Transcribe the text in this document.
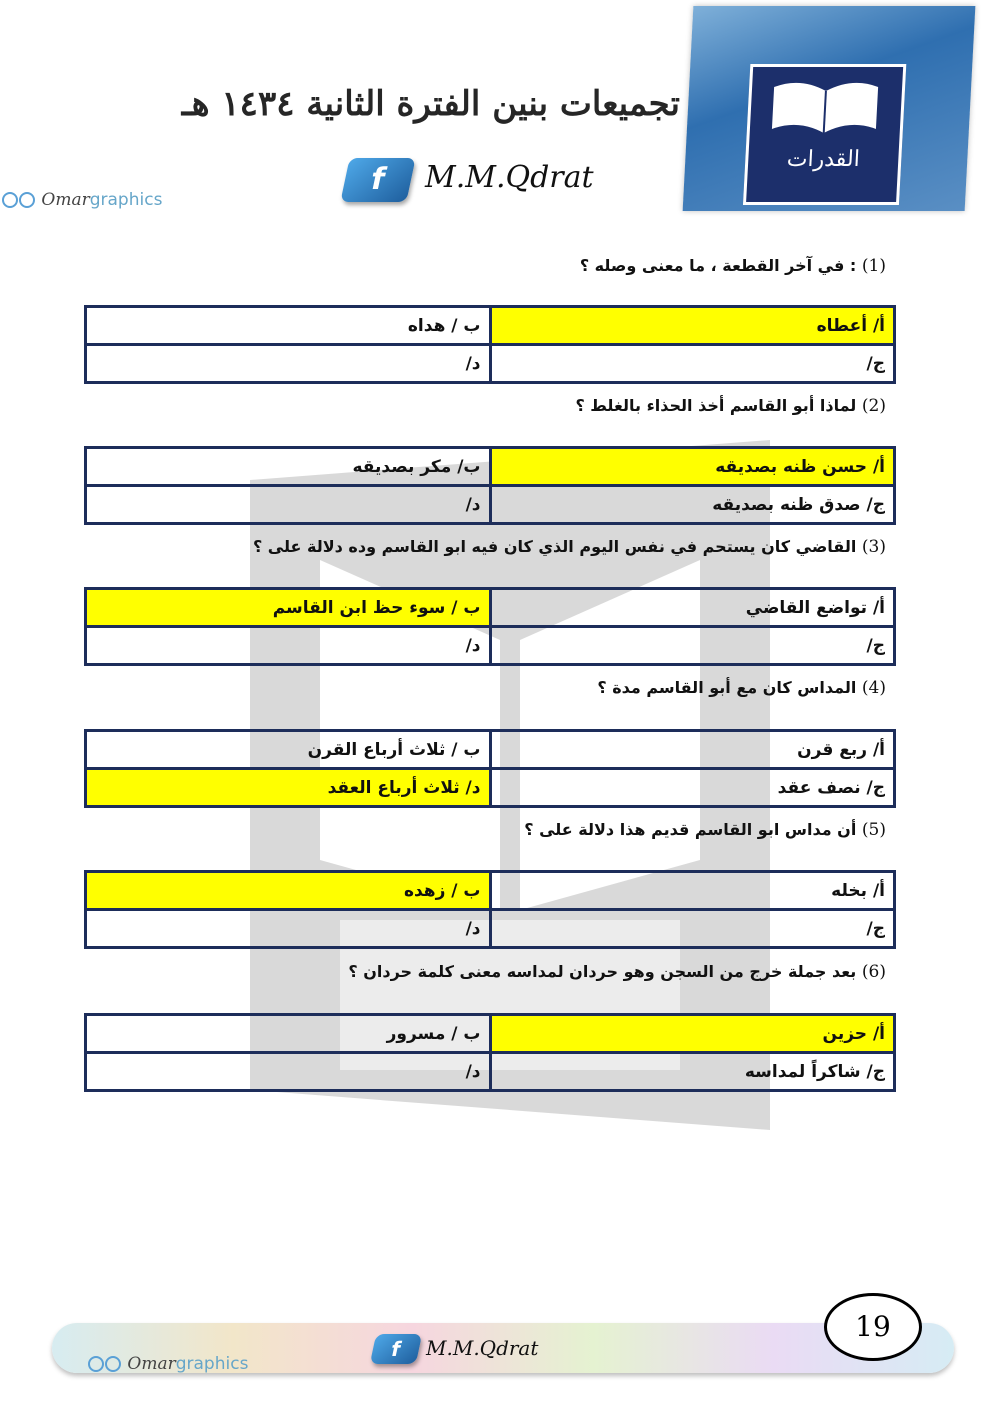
تجميعات بنين الفترة الثانية ١٤٣٤ هـ
f	M.M.Qdrat
Omargraphics
القدرات
(1) : في آخر القطعة ، ما معنى وصله ؟
أ/ أعطاه	ب / هداه
ج/	د/
(2) لماذا أبو القاسم أخذ الحذاء بالغلط ؟
أ/ حسن ظنه بصديقه	ب/ مكر بصديقه
ج/ صدق ظنه بصديقه	د/
(3) القاضي كان يستحم في نفس اليوم الذي كان فيه ابو القاسم وده دلالة على ؟
أ/ تواضع القاضي	ب / سوء حظ ابن القاسم
ج/	د/
(4) المداس كان مع أبو القاسم مدة ؟
أ/ ربع قرن	ب / ثلاث أرباع القرن
ج/ نصف عقد	د/ ثلاث أرباع العقد
(5) أن مداس ابو القاسم قديم هذا دلالة على ؟
أ/ بخله	ب / زهده
ج/	د/
(6) بعد جملة خرج من السجن وهو حردان لمداسه معنى كلمة حردان ؟
أ/ حزين	ب / مسرور
ج/ شاكراً لمداسه	د/
Omargraphics
f	M.M.Qdrat
19
